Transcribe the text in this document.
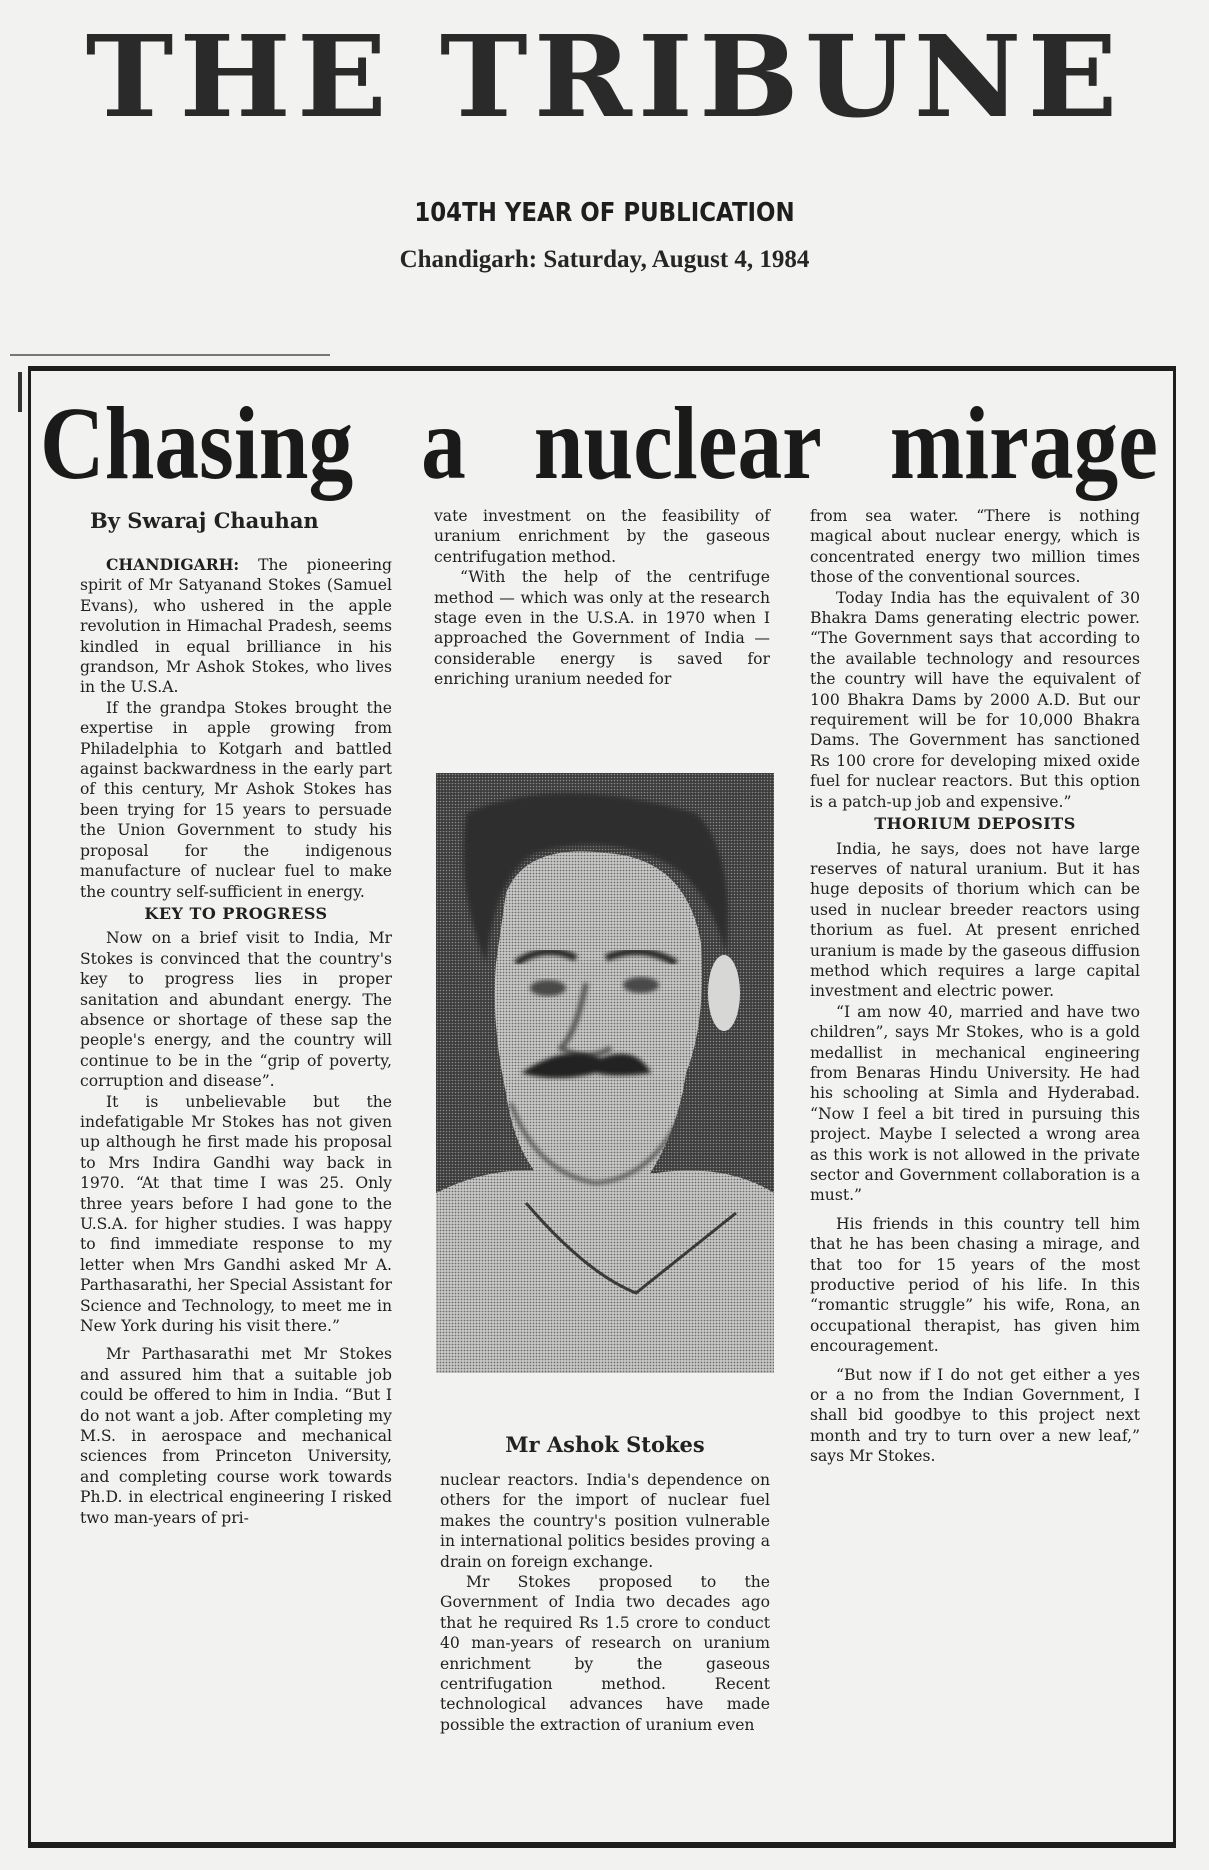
THE TRIBUNE
104TH YEAR OF PUBLICATION
Chandigarh: Saturday, August 4, 1984
Chasing a nuclear mirage
By Swaraj Chauhan

CHANDIGARH: The pioneering spirit of Mr Satyanand Stokes (Samuel Evans), who ushered in the apple revolution in Himachal Pradesh, seems kindled in equal brilliance in his grandson, Mr Ashok Stokes, who lives in the U.S.A.

If the grandpa Stokes brought the expertise in apple growing from Philadelphia to Kotgarh and battled against backwardness in the early part of this century, Mr Ashok Stokes has been trying for 15 years to persuade the Union Government to study his proposal for the indigenous manufacture of nuclear fuel to make the country self-sufficient in energy.

KEY TO PROGRESS

Now on a brief visit to India, Mr Stokes is convinced that the country's key to progress lies in proper sanitation and abundant energy. The absence or shortage of these sap the people's energy, and the country will continue to be in the “grip of poverty, corruption and disease”.

It is unbelievable but the indefatigable Mr Stokes has not given up although he first made his proposal to Mrs Indira Gandhi way back in 1970. “At that time I was 25. Only three years before I had gone to the U.S.A. for higher studies. I was happy to find immediate response to my letter when Mrs Gandhi asked Mr A. Parthasarathi, her Special Assistant for Science and Technology, to meet me in New York during his visit there.”

Mr Parthasarathi met Mr Stokes and assured him that a suitable job could be offered to him in India. “But I do not want a job. After completing my M.S. in aerospace and mechanical sciences from Princeton University, and completing course work towards Ph.D. in electrical engineering I risked two man-years of pri-

vate investment on the feasibility of uranium enrichment by the gaseous centrifugation method.

“With the help of the centrifuge method — which was only at the research stage even in the U.S.A. in 1970 when I approached the Government of India — considerable energy is saved for enriching uranium needed for

Mr Ashok Stokes

nuclear reactors. India's dependence on others for the import of nuclear fuel makes the country's position vulnerable in international politics besides proving a drain on foreign exchange.

Mr Stokes proposed to the Government of India two decades ago that he required Rs 1.5 crore to conduct 40 man-years of research on uranium enrichment by the gaseous centrifugation method. Recent technological advances have made possible the extraction of uranium even

from sea water. “There is nothing magical about nuclear energy, which is concentrated energy two million times those of the conventional sources.

Today India has the equivalent of 30 Bhakra Dams generating electric power. “The Government says that according to the available technology and resources the country will have the equivalent of 100 Bhakra Dams by 2000 A.D. But our requirement will be for 10,000 Bhakra Dams. The Government has sanctioned Rs 100 crore for developing mixed oxide fuel for nuclear reactors. But this option is a patch-up job and expensive.”

THORIUM DEPOSITS

India, he says, does not have large reserves of natural uranium. But it has huge deposits of thorium which can be used in nuclear breeder reactors using thorium as fuel. At present enriched uranium is made by the gaseous diffusion method which requires a large capital investment and electric power.

“I am now 40, married and have two children”, says Mr Stokes, who is a gold medallist in mechanical engineering from Benaras Hindu University. He had his schooling at Simla and Hyderabad. “Now I feel a bit tired in pursuing this project. Maybe I selected a wrong area as this work is not allowed in the private sector and Government collaboration is a must.”

His friends in this country tell him that he has been chasing a mirage, and that too for 15 years of the most productive period of his life. In this “romantic struggle” his wife, Rona, an occupational therapist, has given him encouragement.

“But now if I do not get either a yes or a no from the Indian Government, I shall bid goodbye to this project next month and try to turn over a new leaf,” says Mr Stokes.
